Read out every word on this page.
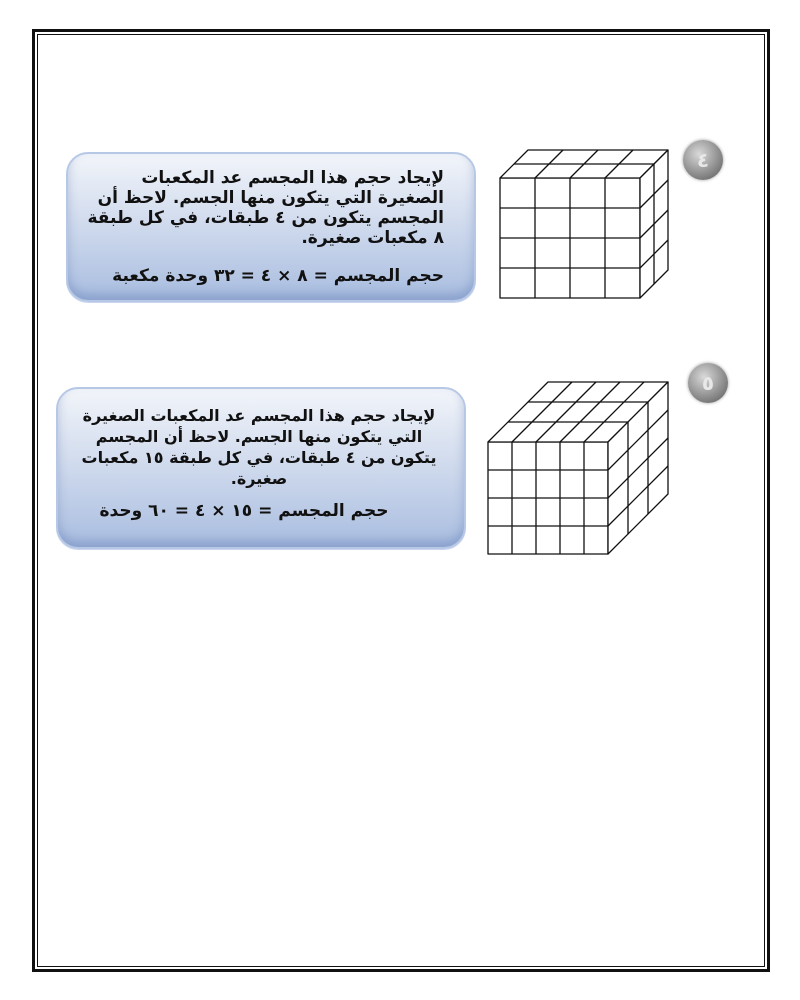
٤

لإيجاد حجم هذا المجسم عد المكعبات الصغيرة التي يتكون منها الجسم. لاحظ أن المجسم يتكون من ٤ طبقات، في كل طبقة ٨ مكعبات صغيرة.

حجم المجسم = ٨ × ٤ = ٣٢ وحدة مكعبة

٥

لإيجاد حجم هذا المجسم عد المكعبات الصغيرة التي يتكون منها الجسم. لاحظ أن المجسم يتكون من ٤ طبقات، في كل طبقة ١٥ مكعبات صغيرة.

حجم المجسم = ١٥ × ٤ = ٦٠ وحدة
